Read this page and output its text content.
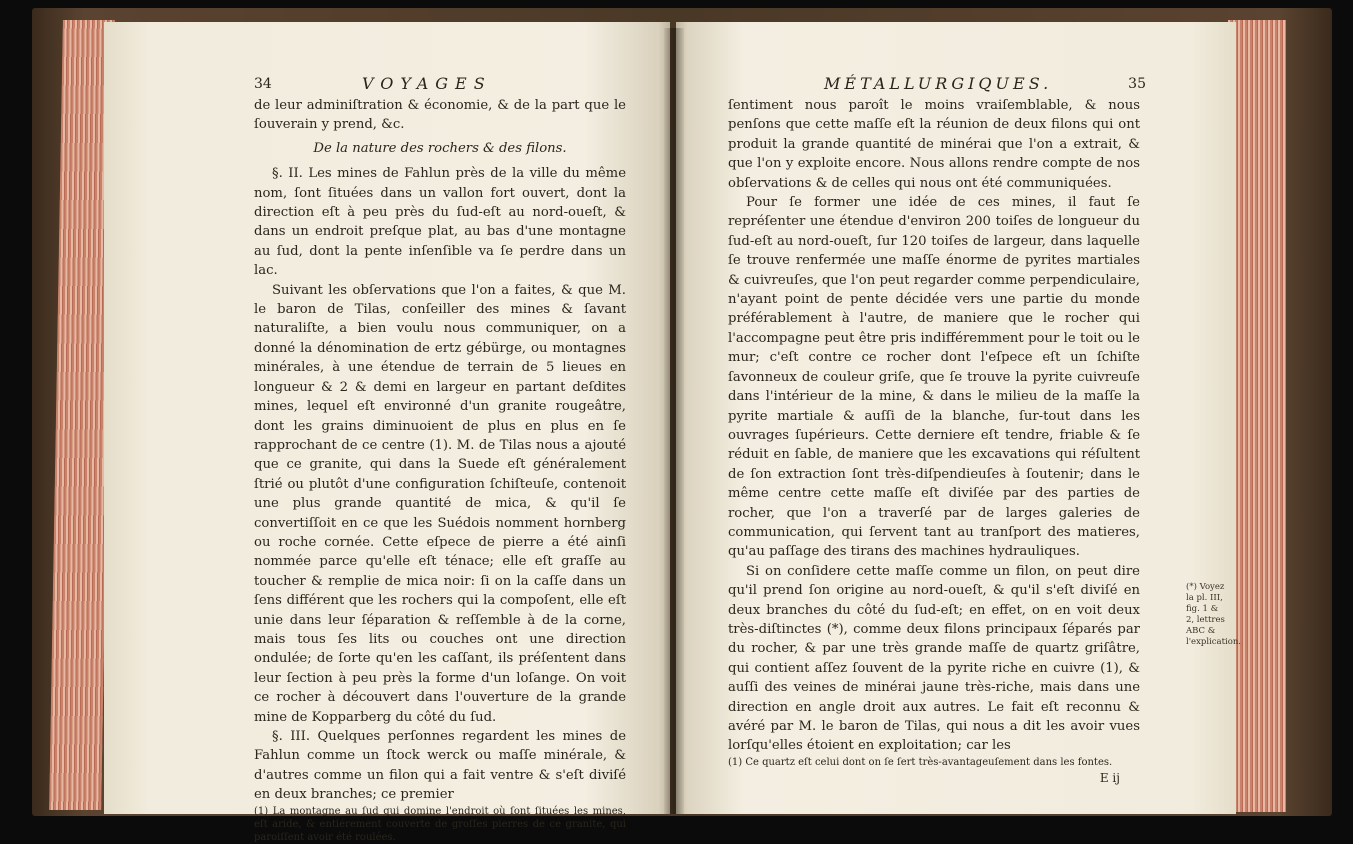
34	VOYAGES

de leur adminiſtration & économie, & de la part que le ſouverain y prend, &c.

De la nature des rochers & des filons.

§. II. Les mines de Fahlun près de la ville du même nom, ſont ſituées dans un vallon fort ouvert, dont la direction eſt à peu près du ſud-eſt au nord-oueſt, & dans un endroit preſque plat, au bas d'une montagne au ſud, dont la pente inſenſible va ſe perdre dans un lac.

Suivant les obſervations que l'on a faites, & que M. le baron de Tilas, conſeiller des mines & ſavant naturaliſte, a bien voulu nous communiquer, on a donné la dénomination de ertz gébürge, ou montagnes minérales, à une étendue de terrain de 5 lieues en longueur & 2 & demi en largeur en partant deſdites mines, lequel eſt environné d'un granite rougeâtre, dont les grains diminuoient de plus en plus en ſe rapprochant de ce centre (1). M. de Tilas nous a ajouté que ce granite, qui dans la Suede eſt généralement ſtrié ou plutôt d'une configuration ſchiſteuſe, contenoit une plus grande quantité de mica, & qu'il ſe convertiſſoit en ce que les Suédois nomment hornberg ou roche cornée. Cette eſpece de pierre a été ainſi nommée parce qu'elle eſt ténace; elle eſt graſſe au toucher & remplie de mica noir: ſi on la caſſe dans un ſens différent que les rochers qui la compoſent, elle eſt unie dans leur ſéparation & reſſemble à de la corne, mais tous ſes lits ou couches ont une direction ondulée; de ſorte qu'en les caſſant, ils préſentent dans leur ſection à peu près la forme d'un loſange. On voit ce rocher à découvert dans l'ouverture de la grande mine de Kopparberg du côté du ſud.

§. III. Quelques perſonnes regardent les mines de Fahlun comme un ſtock werck ou maſſe minérale, & d'autres comme un filon qui a fait ventre & s'eſt diviſé en deux branches; ce premier

(1) La montagne au ſud qui domine l'endroit où ſont ſituées les mines, eſt aride, & entiérement couverte de groſſes pierres de ce granite, qui paroiſſent avoir été roulées.

MÉTALLURGIQUES.	35

ſentiment nous paroît le moins vraiſemblable, & nous penſons que cette maſſe eſt la réunion de deux filons qui ont produit la grande quantité de minérai que l'on a extrait, & que l'on y exploite encore. Nous allons rendre compte de nos obſervations & de celles qui nous ont été communiquées.

Pour ſe former une idée de ces mines, il faut ſe repréſenter une étendue d'environ 200 toiſes de longueur du ſud-eſt au nord-oueſt, ſur 120 toiſes de largeur, dans laquelle ſe trouve renfermée une maſſe énorme de pyrites martiales & cuivreuſes, que l'on peut regarder comme perpendiculaire, n'ayant point de pente décidée vers une partie du monde préférablement à l'autre, de maniere que le rocher qui l'accompagne peut être pris indifféremment pour le toit ou le mur; c'eſt contre ce rocher dont l'eſpece eſt un ſchiſte ſavonneux de couleur griſe, que ſe trouve la pyrite cuivreuſe dans l'intérieur de la mine, & dans le milieu de la maſſe la pyrite martiale & auſſi de la blanche, ſur-tout dans les ouvrages ſupérieurs. Cette derniere eſt tendre, friable & ſe réduit en ſable, de maniere que les excavations qui réſultent de ſon extraction ſont très-diſpendieuſes à ſoutenir; dans le même centre cette maſſe eſt diviſée par des parties de rocher, que l'on a traverſé par de larges galeries de communication, qui ſervent tant au tranſport des matieres, qu'au paſſage des tirans des machines hydrauliques.

Si on conſidere cette maſſe comme un filon, on peut dire qu'il prend ſon origine au nord-oueſt, & qu'il s'eſt diviſé en deux branches du côté du ſud-eſt; en effet, on en voit deux très-diſtinctes (*), comme deux filons principaux ſéparés par du rocher, & par une très grande maſſe de quartz griſâtre, qui contient aſſez ſouvent de la pyrite riche en cuivre (1), & auſſi des veines de minérai jaune très-riche, mais dans une direction en angle droit aux autres. Le fait eſt reconnu & avéré par M. le baron de Tilas, qui nous a dit les avoir vues lorſqu'elles étoient en exploitation; car les

(1) Ce quartz eſt celui dont on ſe ſert très-avantageuſement dans les fontes.

E ij

(*) Voyez la pl. III, fig. 1 & 2, lettres ABC & l'explication.
